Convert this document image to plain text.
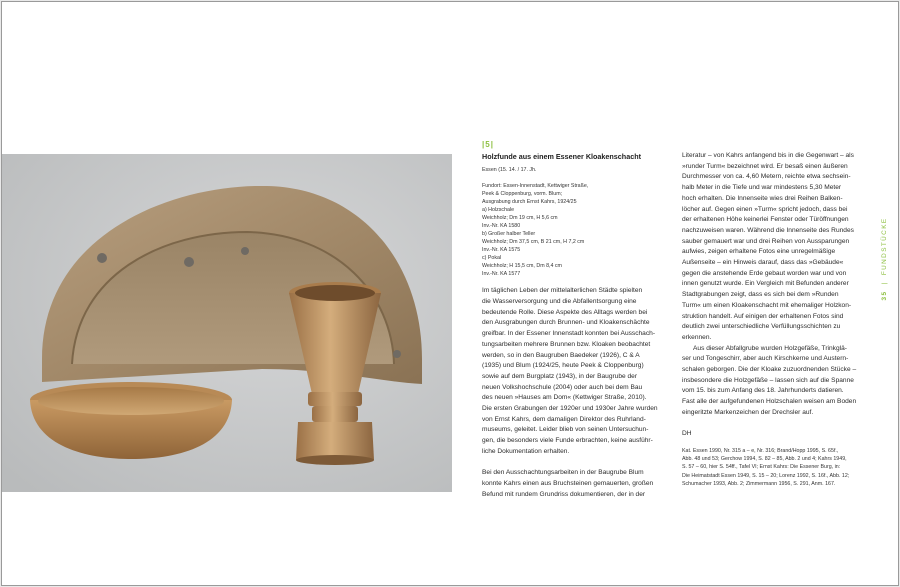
|5|
Holzfunde aus einem Essener Kloakenschacht
Essen (15. 14. / 17. Jh.
Fundort: Essen-Innenstadt, Kettwiger Straße,
Peek & Cloppenburg, vorm. Blum;
Ausgrabung durch Ernst Kahrs, 1924/25
a) Holzschale
Weichholz; Dm 19 cm, H 5,6 cm
Inv.-Nr. KA 1580
b) Großer halber Teller
Weichholz; Dm 37,5 cm, B 21 cm, H 7,2 cm
Inv.-Nr. KA 1575
c) Pokal
Weichholz; H 15,5 cm, Dm 8,4 cm
Inv.-Nr. KA 1577
Im täglichen Leben der mittelalterlichen Städte spielten
die Wasserversorgung und die Abfallentsorgung eine
bedeutende Rolle. Diese Aspekte des Alltags werden bei
den Ausgrabungen durch Brunnen- und Kloakenschächte
greifbar. In der Essener Innenstadt konnten bei Ausschach-
tungsarbeiten mehrere Brunnen bzw. Kloaken beobachtet
werden, so in den Baugruben Baedeker (1926), C & A
(1935) und Blum (1924/25, heute Peek & Cloppenburg)
sowie auf dem Burgplatz (1943), in der Baugrube der
neuen Volkshochschule (2004) oder auch bei dem Bau
des neuen »Hauses am Dom« (Kettwiger Straße, 2010).
Die ersten Grabungen der 1920er und 1930er Jahre wurden
von Ernst Kahrs, dem damaligen Direktor des Ruhrland-
museums, geleitet. Leider blieb von seinen Untersuchun-
gen, die besonders viele Funde erbrachten, keine ausführ-
liche Dokumentation erhalten.
Bei den Ausschachtungsarbeiten in der Baugrube Blum
konnte Kahrs einen aus Bruchsteinen gemauerten, großen
Befund mit rundem Grundriss dokumentieren, der in der
Literatur – von Kahrs anfangend bis in die Gegenwart – als
»runder Turm« bezeichnet wird. Er besaß einen äußeren
Durchmesser von ca. 4,60 Metern, reichte etwa sechsein-
halb Meter in die Tiefe und war mindestens 5,30 Meter
hoch erhalten. Die Innenseite wies drei Reihen Balken-
löcher auf. Gegen einen »Turm« spricht jedoch, dass bei
der erhaltenen Höhe keinerlei Fenster oder Türöffnungen
nachzuweisen waren. Während die Innenseite des Rundes
sauber gemauert war und drei Reihen von Aussparungen
aufwies, zeigen erhaltene Fotos eine unregelmäßige
Außenseite – ein Hinweis darauf, dass das »Gebäude«
gegen die anstehende Erde gebaut worden war und von
innen genutzt wurde. Ein Vergleich mit Befunden anderer
Stadtgrabungen zeigt, dass es sich bei dem »Runden
Turm« um einen Kloakenschacht mit ehemaliger Holzkon-
struktion handelt. Auf einigen der erhaltenen Fotos sind
deutlich zwei unterschiedliche Verfüllungsschichten zu
erkennen.
Aus dieser Abfallgrube wurden Holzgefäße, Trinkglä-
ser und Tongeschirr, aber auch Kirschkerne und Austern-
schalen geborgen. Die der Kloake zuzuordnenden Stücke –
insbesondere die Holzgefäße – lassen sich auf die Spanne
vom 15. bis zum Anfang des 18. Jahrhunderts datieren.
Fast alle der aufgefundenen Holzschalen weisen am Boden
eingeritzte Markenzeichen der Drechsler auf.
DH
Kat. Essen 1990, Nr. 315 a – e, Nr. 316; Brand/Hopp 1995, S. 65f.,
Abb. 48 und 53; Gerchow 1994, S. 82 – 85, Abb. 2 und 4; Kahrs 1949,
S. 57 – 60, hier S. 54ff., Tafel VI; Ernst Kahrs: Die Essener Burg, in:
Die Heimatstadt Essen 1949, S. 15 – 20; Lorenz 1992, S. 16f., Abb. 12;
Schumacher 1993, Abb. 2; Zimmermann 1956, S. 291, Anm. 167.
35 | FUNDSTÜCKE
